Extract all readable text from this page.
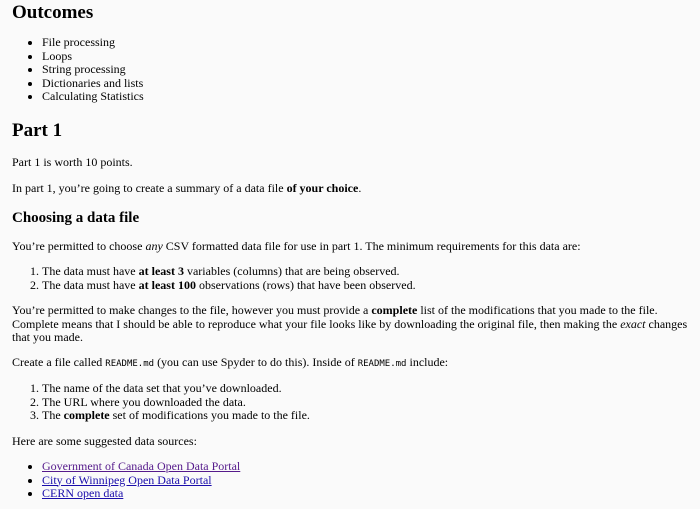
Outcomes
• File processing
• Loops
• String processing
• Dictionaries and lists
• Calculating Statistics
Part 1

Part 1 is worth 10 points.

In part 1, you’re going to create a summary of a data file of your choice.

Choosing a data file

You’re permitted to choose any CSV formatted data file for use in part 1. The minimum requirements for this data are:

1. The data must have at least 3 variables (columns) that are being observed.
2. The data must have at least 100 observations (rows) that have been observed.

You’re permitted to make changes to the file, however you must provide a complete list of the modifications that you made to the file. Complete means that I should be able to reproduce what your file looks like by downloading the original file, then making the exact changes that you made.

Create a file called README.md (you can use Spyder to do this). Inside of README.md include:

1. The name of the data set that you’ve downloaded.
2. The URL where you downloaded the data.
3. The complete set of modifications you made to the file.

Here are some suggested data sources:

• Government of Canada Open Data Portal
• City of Winnipeg Open Data Portal
• CERN open data
